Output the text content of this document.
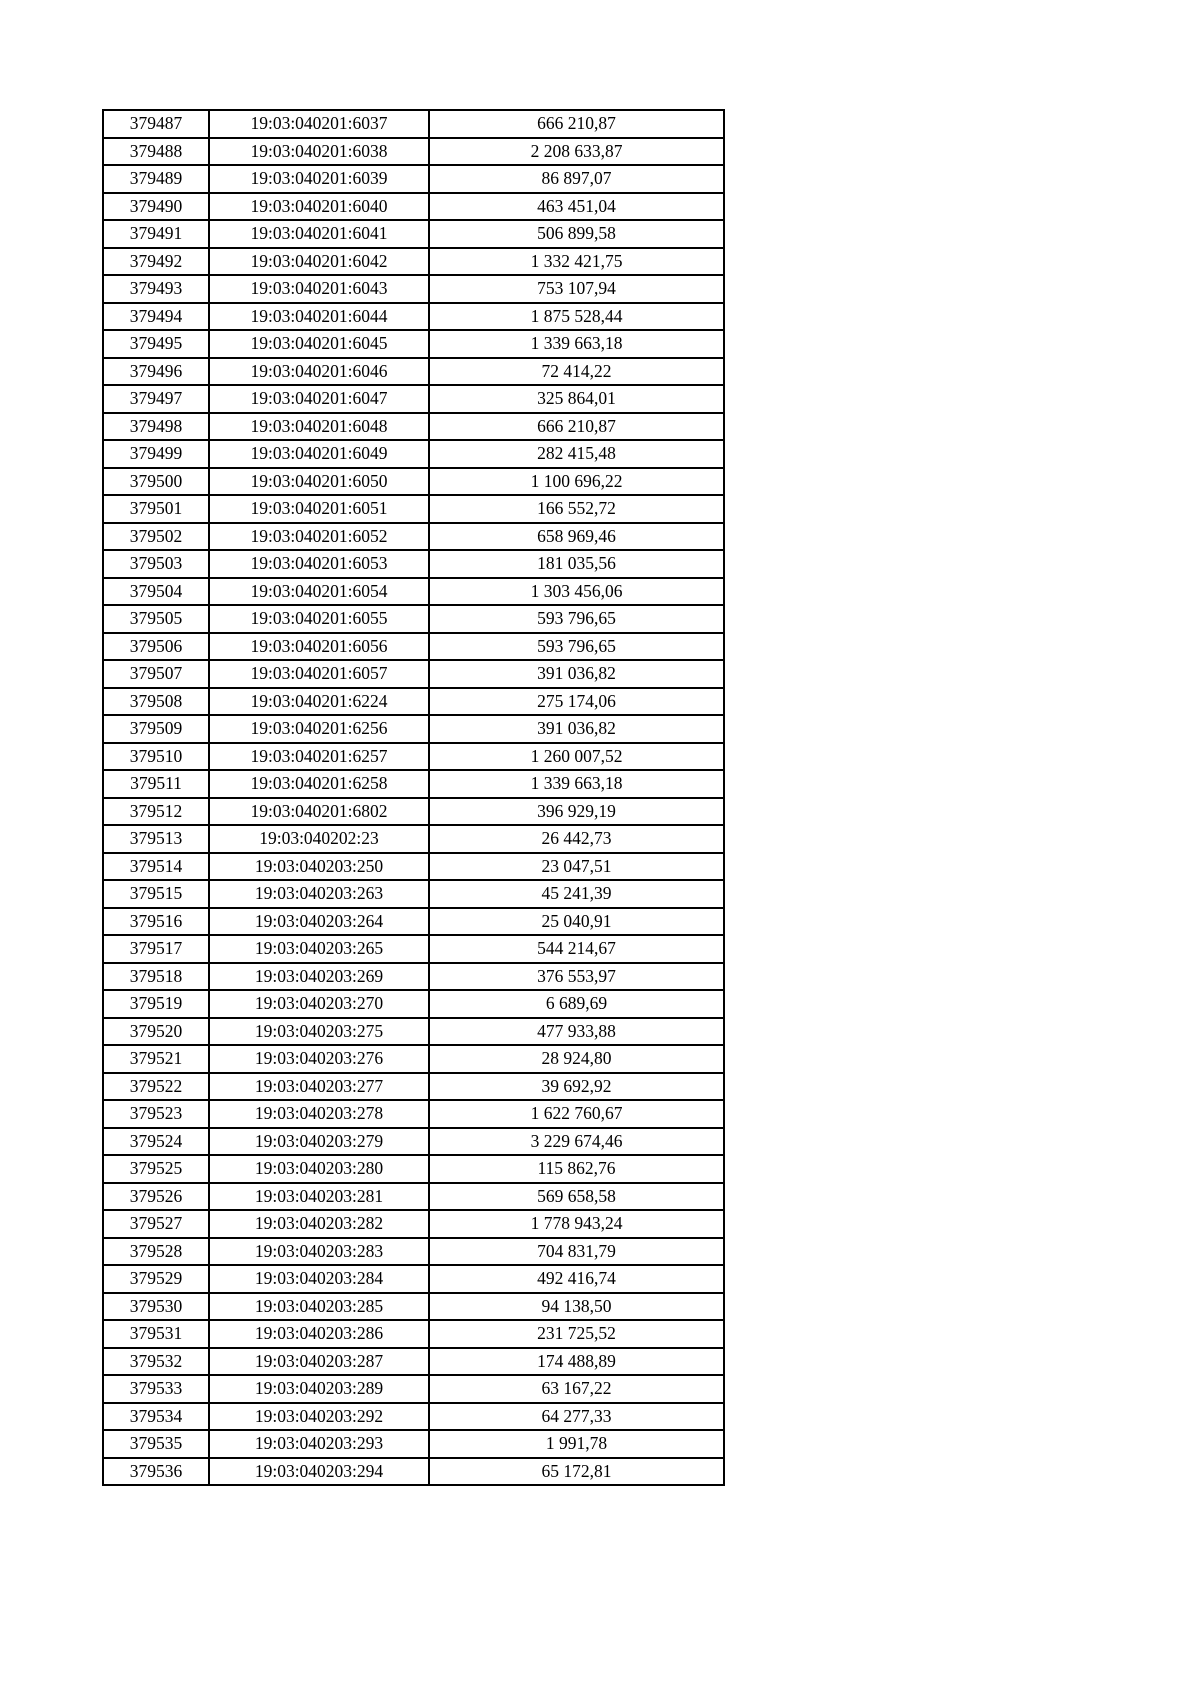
379487	19:03:040201:6037	666 210,87
379488	19:03:040201:6038	2 208 633,87
379489	19:03:040201:6039	86 897,07
379490	19:03:040201:6040	463 451,04
379491	19:03:040201:6041	506 899,58
379492	19:03:040201:6042	1 332 421,75
379493	19:03:040201:6043	753 107,94
379494	19:03:040201:6044	1 875 528,44
379495	19:03:040201:6045	1 339 663,18
379496	19:03:040201:6046	72 414,22
379497	19:03:040201:6047	325 864,01
379498	19:03:040201:6048	666 210,87
379499	19:03:040201:6049	282 415,48
379500	19:03:040201:6050	1 100 696,22
379501	19:03:040201:6051	166 552,72
379502	19:03:040201:6052	658 969,46
379503	19:03:040201:6053	181 035,56
379504	19:03:040201:6054	1 303 456,06
379505	19:03:040201:6055	593 796,65
379506	19:03:040201:6056	593 796,65
379507	19:03:040201:6057	391 036,82
379508	19:03:040201:6224	275 174,06
379509	19:03:040201:6256	391 036,82
379510	19:03:040201:6257	1 260 007,52
379511	19:03:040201:6258	1 339 663,18
379512	19:03:040201:6802	396 929,19
379513	19:03:040202:23	26 442,73
379514	19:03:040203:250	23 047,51
379515	19:03:040203:263	45 241,39
379516	19:03:040203:264	25 040,91
379517	19:03:040203:265	544 214,67
379518	19:03:040203:269	376 553,97
379519	19:03:040203:270	6 689,69
379520	19:03:040203:275	477 933,88
379521	19:03:040203:276	28 924,80
379522	19:03:040203:277	39 692,92
379523	19:03:040203:278	1 622 760,67
379524	19:03:040203:279	3 229 674,46
379525	19:03:040203:280	115 862,76
379526	19:03:040203:281	569 658,58
379527	19:03:040203:282	1 778 943,24
379528	19:03:040203:283	704 831,79
379529	19:03:040203:284	492 416,74
379530	19:03:040203:285	94 138,50
379531	19:03:040203:286	231 725,52
379532	19:03:040203:287	174 488,89
379533	19:03:040203:289	63 167,22
379534	19:03:040203:292	64 277,33
379535	19:03:040203:293	1 991,78
379536	19:03:040203:294	65 172,81
